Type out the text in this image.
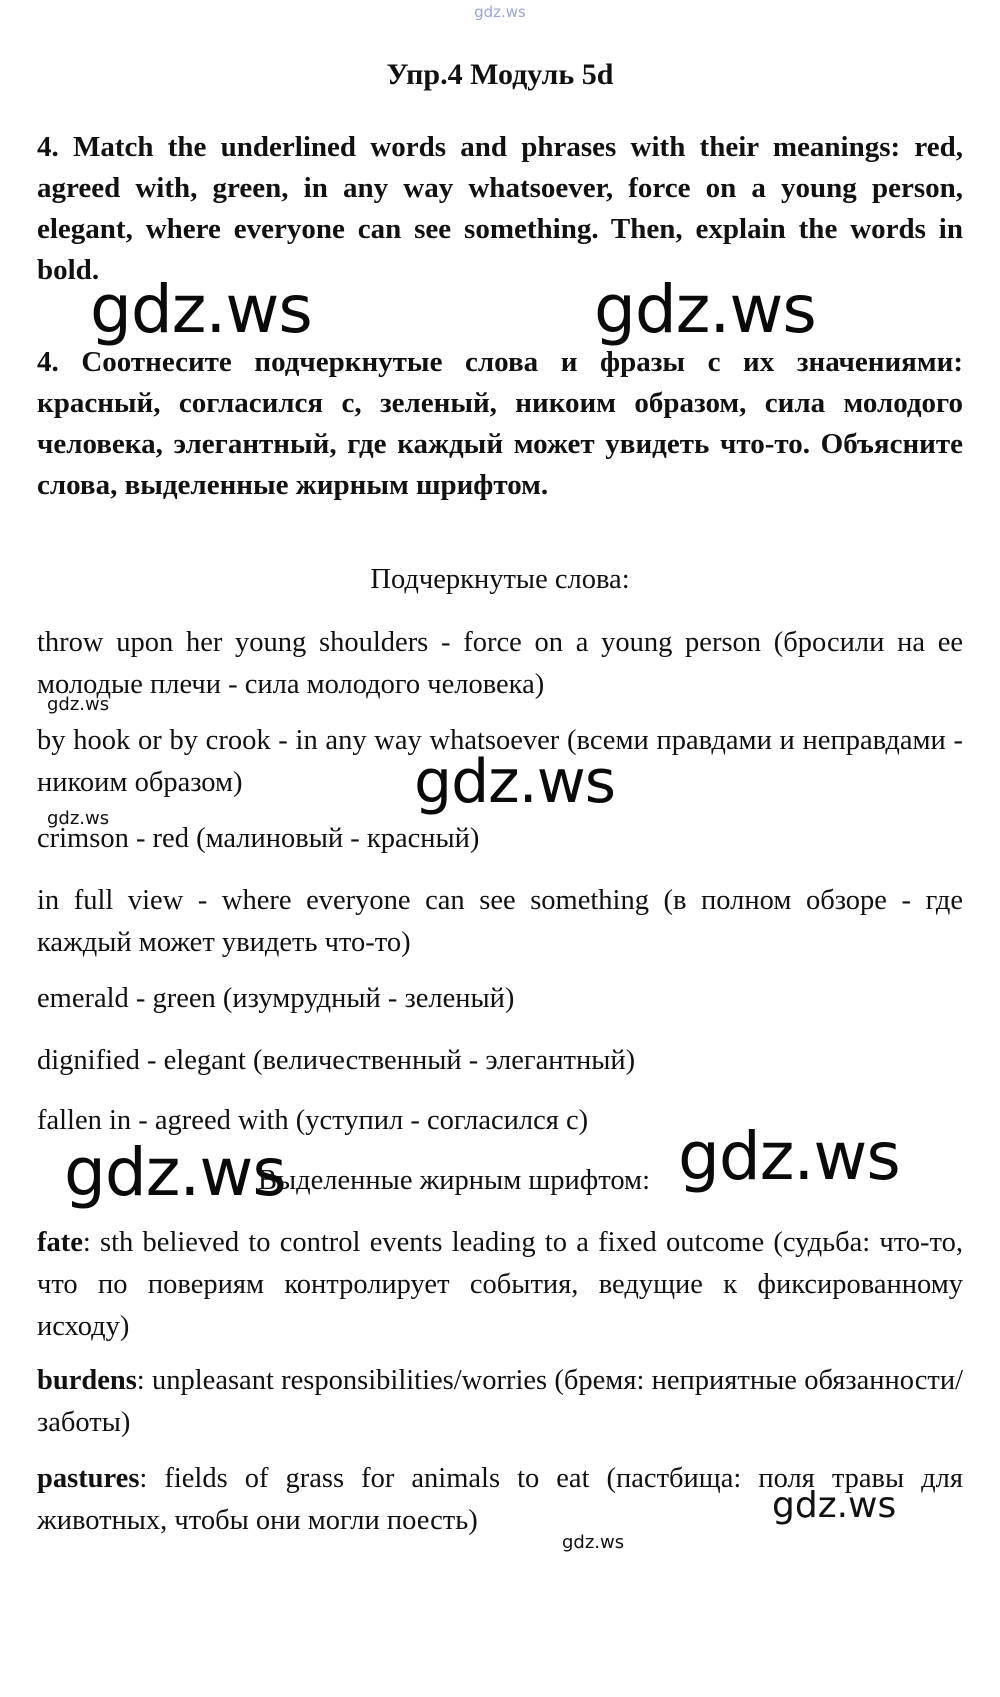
gdz.ws
Упр.4 Модуль 5d

4. Match the underlined words and phrases with their meanings: red, agreed with, green, in any way whatsoever, force on a young person, elegant, where everyone can see something. Then, explain the words in bold.

gdz.ws	gdz.ws

4. Соотнесите подчеркнутые слова и фразы с их значениями: красный, согласился с, зеленый, никоим образом, сила молодого человека, элегантный, где каждый может увидеть что-то. Объясните слова, выделенные жирным шрифтом.

Подчеркнутые слова:

throw upon her young shoulders - force on a young person (бросили на ее молодые плечи - сила молодого человека)

gdz.ws

by hook or by crook - in any way whatsoever (всеми правдами и неправдами - никоим образом)	gdz.ws
gdz.ws

crimson - red (малиновый - красный)

in full view - where everyone can see something (в полном обзоре - где каждый может увидеть что-то)

emerald - green (изумрудный - зеленый)

dignified - elegant (величественный - элегантный)

fallen in - agreed with (уступил - согласился с)

gdz.ws	gdz.ws
Выделенные жирным шрифтом:

fate: sth believed to control events leading to a fixed outcome (судьба: что-то, что по повериям контролирует события, ведущие к фиксированному исходу)

burdens: unpleasant responsibilities/worries (бремя: неприятные обязанности/заботы)

pastures: fields of grass for animals to eat (пастбища: поля травы для животных, чтобы они могли поесть)

gdz.ws
gdz.ws
